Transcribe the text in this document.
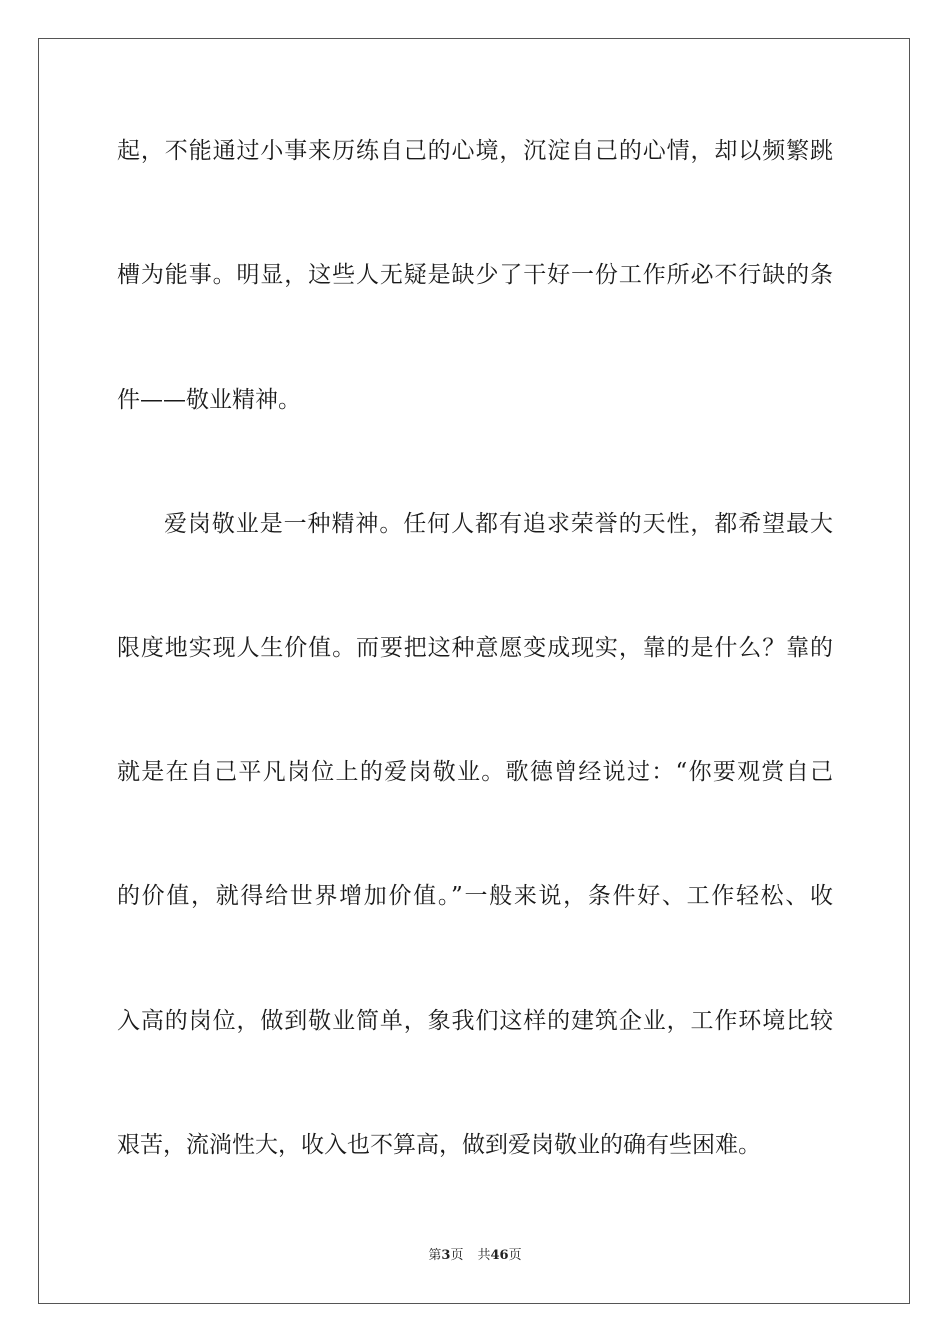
起，不能通过小事来历练自己的心境，沉淀自己的心情，却以频繁跳
槽为能事。明显，这些人无疑是缺少了干好一份工作所必不行缺的条
件——敬业精神。
爱岗敬业是一种精神。任何人都有追求荣誉的天性，都希望最大
限度地实现人生价值。而要把这种意愿变成现实，靠的是什么？靠的
就是在自己平凡岗位上的爱岗敬业。歌德曾经说过：“你要观赏自己
的价值，就得给世界增加价值。”一般来说，条件好、工作轻松、收
入高的岗位，做到敬业简单，象我们这样的建筑企业，工作环境比较
艰苦，流淌性大，收入也不算高，做到爱岗敬业的确有些困难。
第3页 共46页
